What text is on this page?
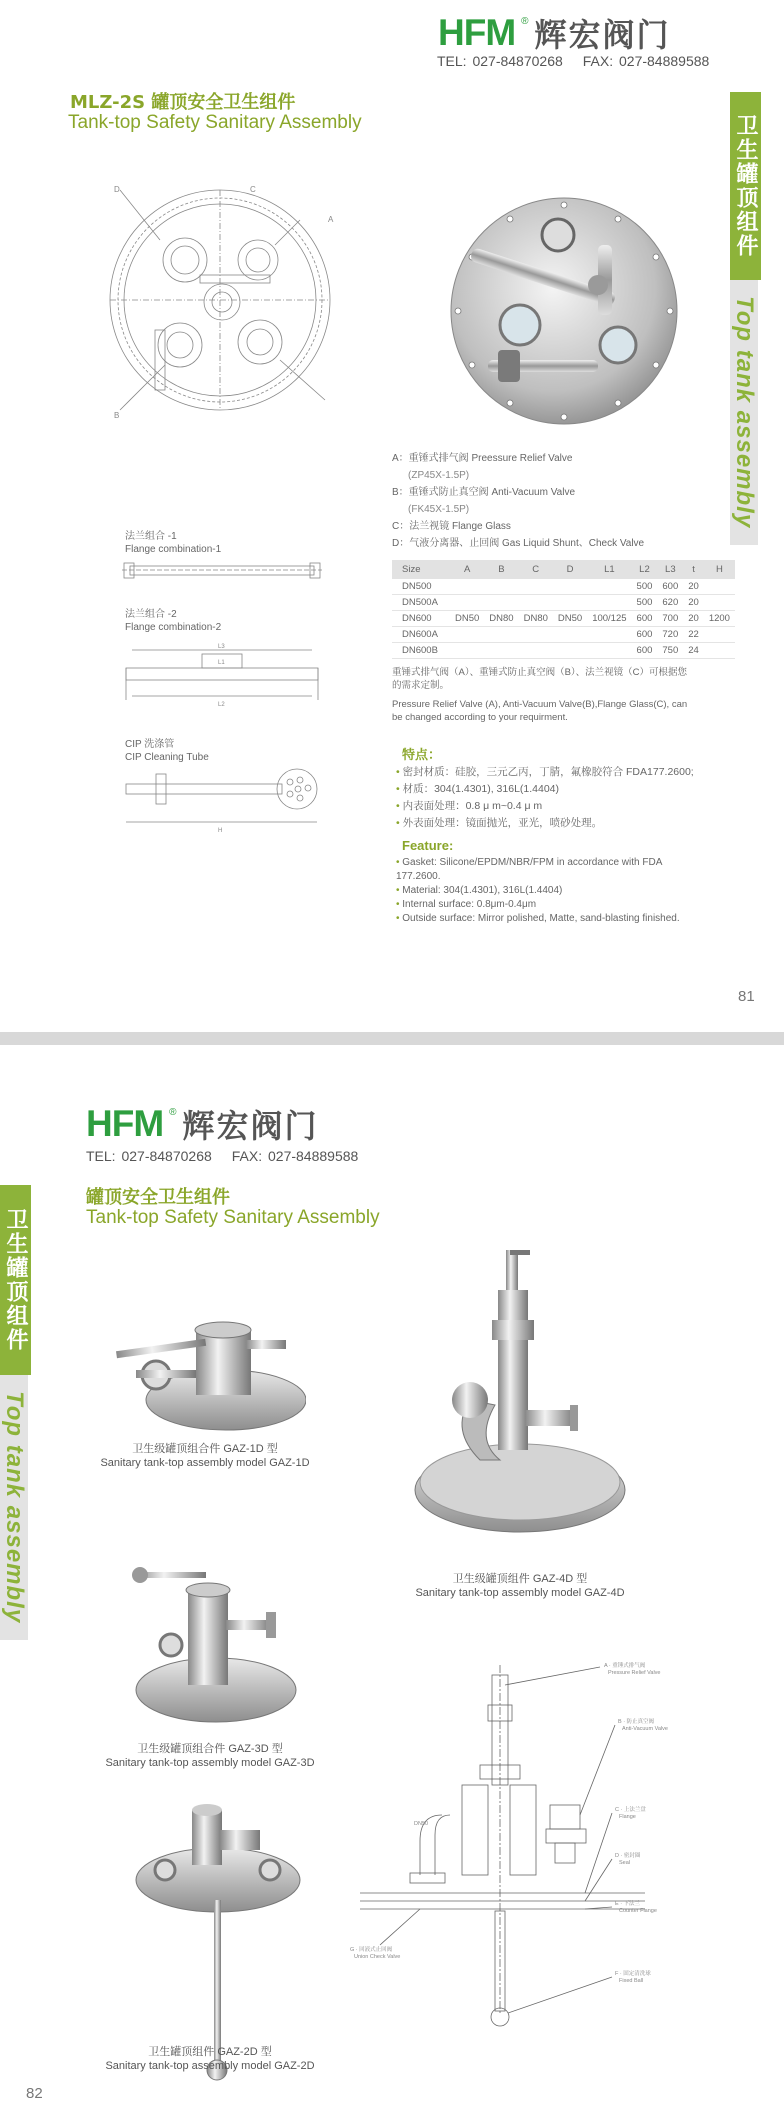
HFM ® 辉宏阀门
TEL: 027-84870268 FAX: 027-84889588
MLZ-2S 罐顶安全卫生组件
Tank-top Safety Sanitary Assembly	卫生罐顶组件
Top tank assembly
D	C
A
B
A：重锤式排气阀 Preessure Relief Valve
(ZP45X-1.5P)
B：重锤式防止真空阀 Anti-Vacuum Valve
(FK45X-1.5P)
C：法兰视镜 Flange Glass
D：气液分离器、止回阀 Gas Liquid Shunt、Check Valve
法兰组合 -1
Flange combination-1
法兰组合 -2
Flange combination-2
L3
L1
L2
CIP 洗涤管
CIP Cleaning Tube
H
Size	A	B	C	D	L1	L2	L3	t	H
DN500						500	600	20	
DN500A						500	620	20	
DN600	DN50	DN80	DN80	DN50	100/125	600	700	20	1200
DN600A						600	720	22	
DN600B						600	750	24	
重锤式排气阀（A）、重锤式防止真空阀（B）、法兰视镜（C）可根据您的需求定制。
Pressure Relief Valve (A), Anti-Vacuum Valve(B),Flange Glass(C), can be changed according to your requirment.
特点：
• 密封材质：硅胶，三元乙丙，丁腈，氟橡胶符合 FDA177.2600;
• 材质：304(1.4301), 316L(1.4404)
• 内表面处理：0.8 μ m~0.4 μ m
• 外表面处理：镜面抛光，亚光，喷砂处理。
Feature:
• Gasket: Silicone/EPDM/NBR/FPM in accordance with FDA 177.2600.
• Material: 304(1.4301), 316L(1.4404)
• Internal surface: 0.8μm-0.4μm
• Outside surface: Mirror polished, Matte, sand-blasting finished.
81
HFM ® 辉宏阀门
TEL: 027-84870268 FAX: 027-84889588
罐顶安全卫生组件
Tank-top Safety Sanitary Assembly
卫生罐顶组件
Top tank assembly	卫生级罐顶组合件 GAZ-1D 型
Sanitary tank-top assembly model GAZ-1D
卫生级罐顶组件 GAZ-4D 型
Sanitary tank-top assembly model GAZ-4D
卫生级罐顶组合件 GAZ-3D 型
Sanitary tank-top assembly model GAZ-3D
卫生罐顶组件 GAZ-2D 型
Sanitary tank-top assembly model GAZ-2D
DN50
A · 重锤式排气阀
Pressure Relief Valve
B · 防止真空阀
Anti-Vacuum Valve
C · 上法兰盘
Flange
D · 密封圈
Seal
E · 下法兰
Counter Flange
F · 固定清洗球
Fixed Ball
G · 回液式止回阀
Union Check Valve
82
